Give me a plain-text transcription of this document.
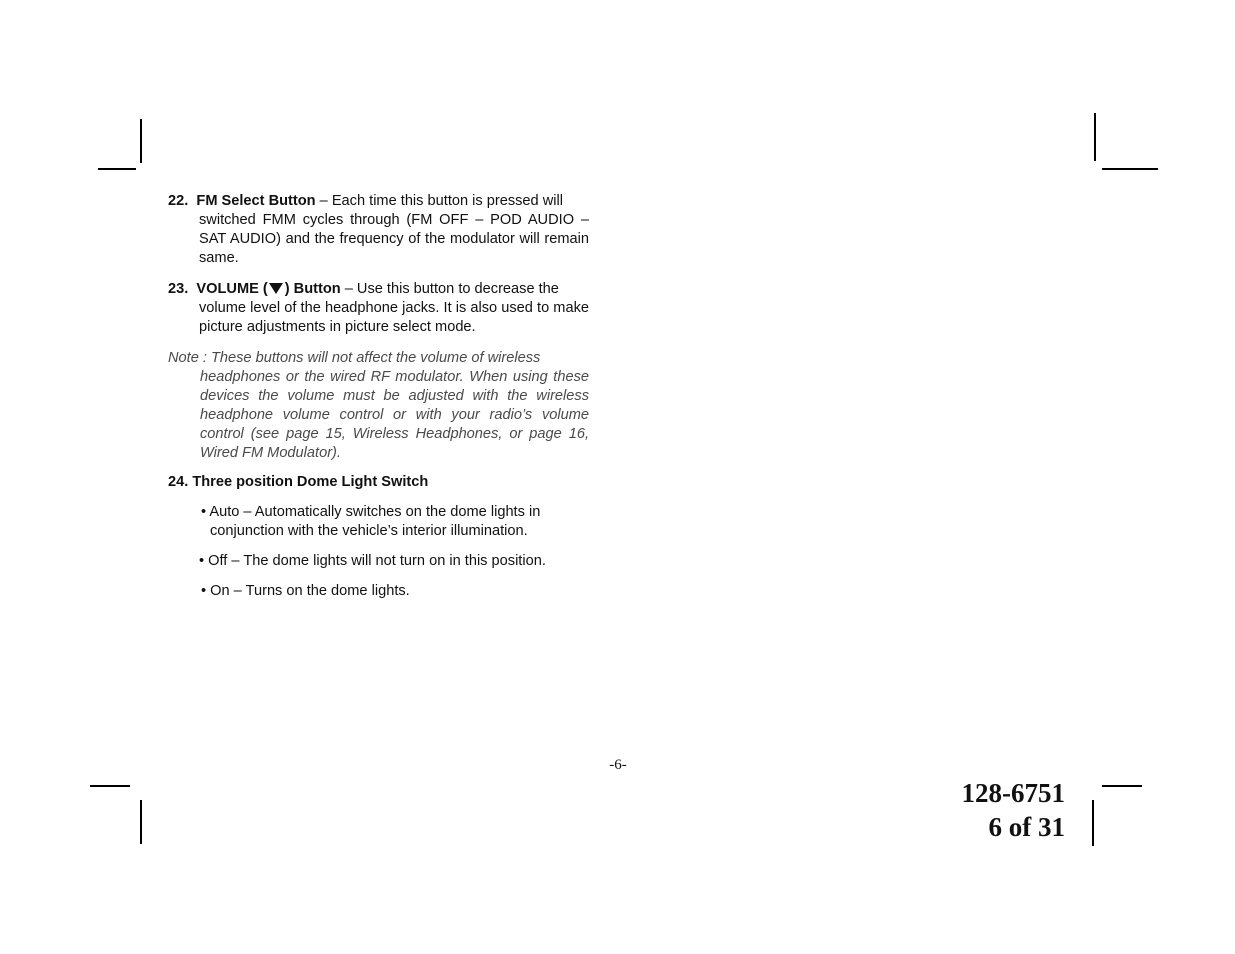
22. FM Select Button – Each time this button is pressed will
switched FMM cycles through (FM OFF – POD AUDIO – SAT AUDIO) and the frequency of the modulator will remain same.
23. VOLUME ( ) Button – Use this button to decrease the
volume level of the headphone jacks. It is also used to make picture adjustments in picture select mode.
Note : These buttons will not affect the volume of wireless
headphones or the wired RF modulator. When using these devices the volume must be adjusted with the wireless headphone volume control or with your radio’s volume control (see page 15, Wireless Headphones, or page 16, Wired FM Modulator).
24. Three position Dome Light Switch
• Auto – Automatically switches on the dome lights in
conjunction with the vehicle’s interior illumination.
• Off – The dome lights will not turn on in this position.
• On – Turns on the dome lights.
-6-
128-6751
6 of 31
